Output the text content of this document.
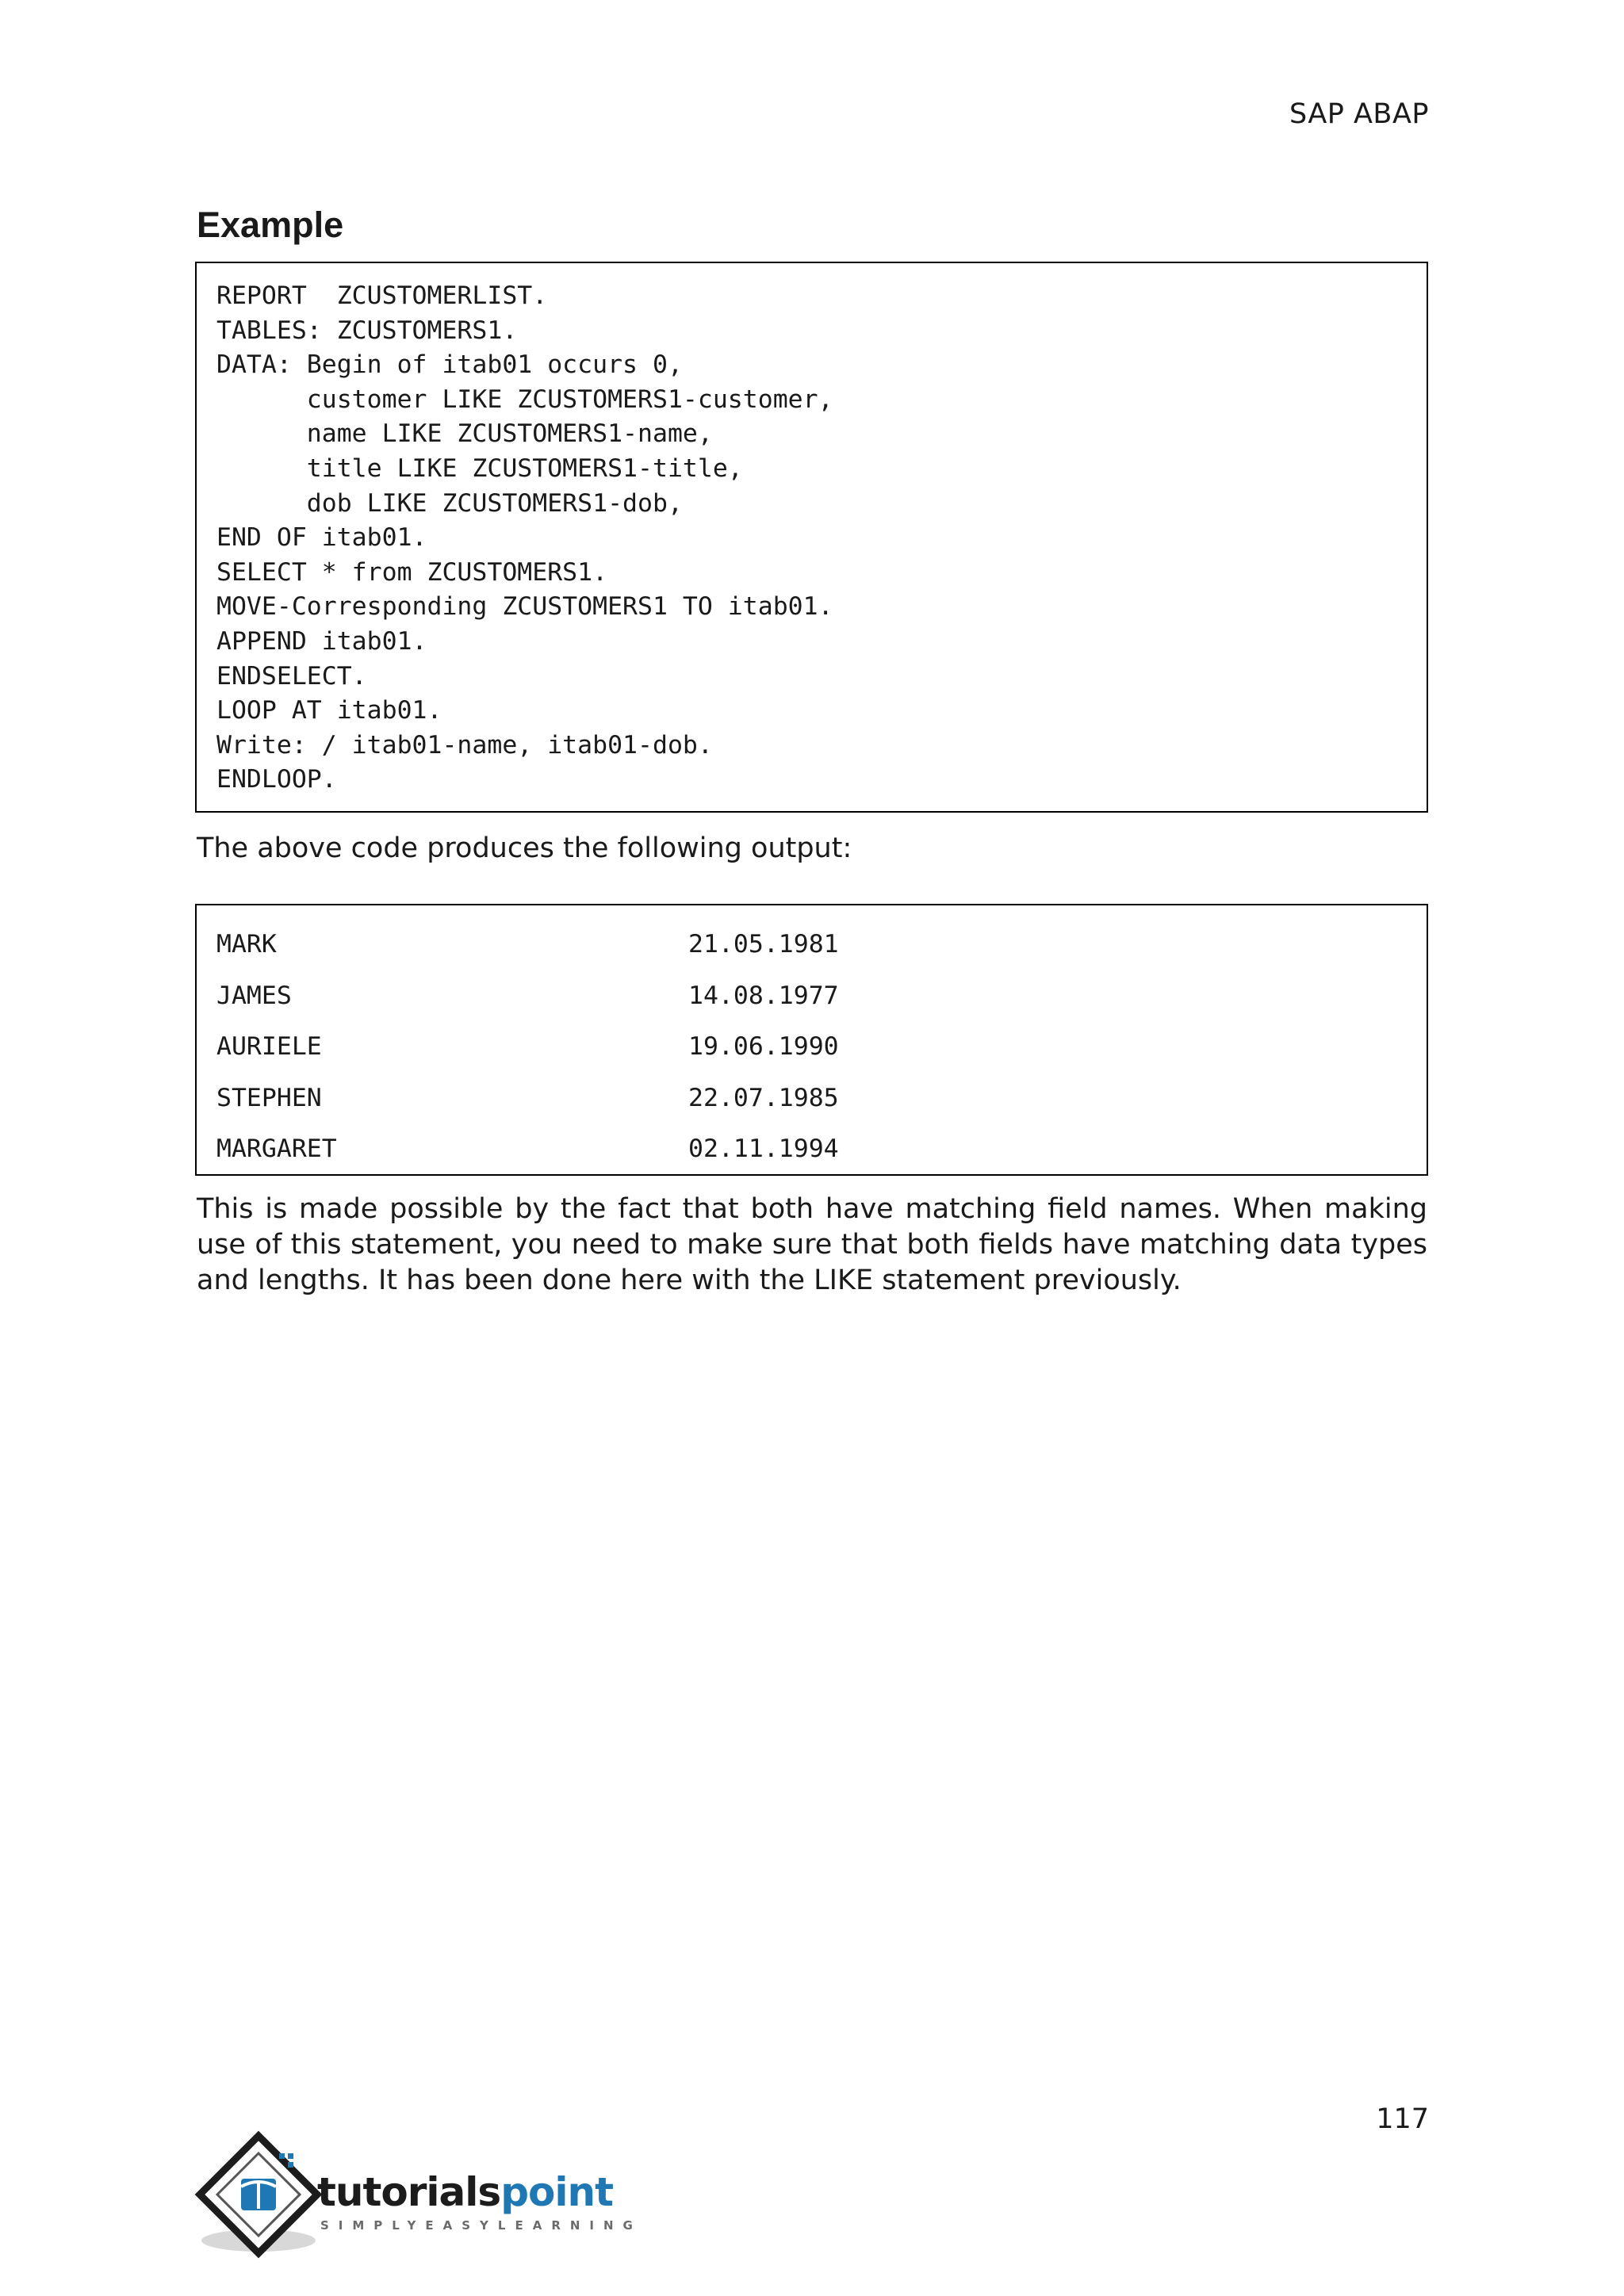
SAP ABAP
Example
REPORT  ZCUSTOMERLIST.
TABLES: ZCUSTOMERS1.
DATA: Begin of itab01 occurs 0,
customer LIKE ZCUSTOMERS1-customer,
name LIKE ZCUSTOMERS1-name,
title LIKE ZCUSTOMERS1-title,
dob LIKE ZCUSTOMERS1-dob,
END OF itab01.
SELECT * from ZCUSTOMERS1.
MOVE-Corresponding ZCUSTOMERS1 TO itab01.
APPEND itab01.
ENDSELECT.
LOOP AT itab01.
Write: / itab01-name, itab01-dob.
ENDLOOP.

The above code produces the following output:

MARK	21.05.1981
JAMES	14.08.1977
AURIELE	19.06.1990
STEPHEN	22.07.1985
MARGARET	02.11.1994

This is made possible by the fact that both have matching field names. When making use of this statement, you need to make sure that both fields have matching data types and lengths. It has been done here with the LIKE statement previously.

117
tutorialspoint
SIMPLYEASYLEARNING
